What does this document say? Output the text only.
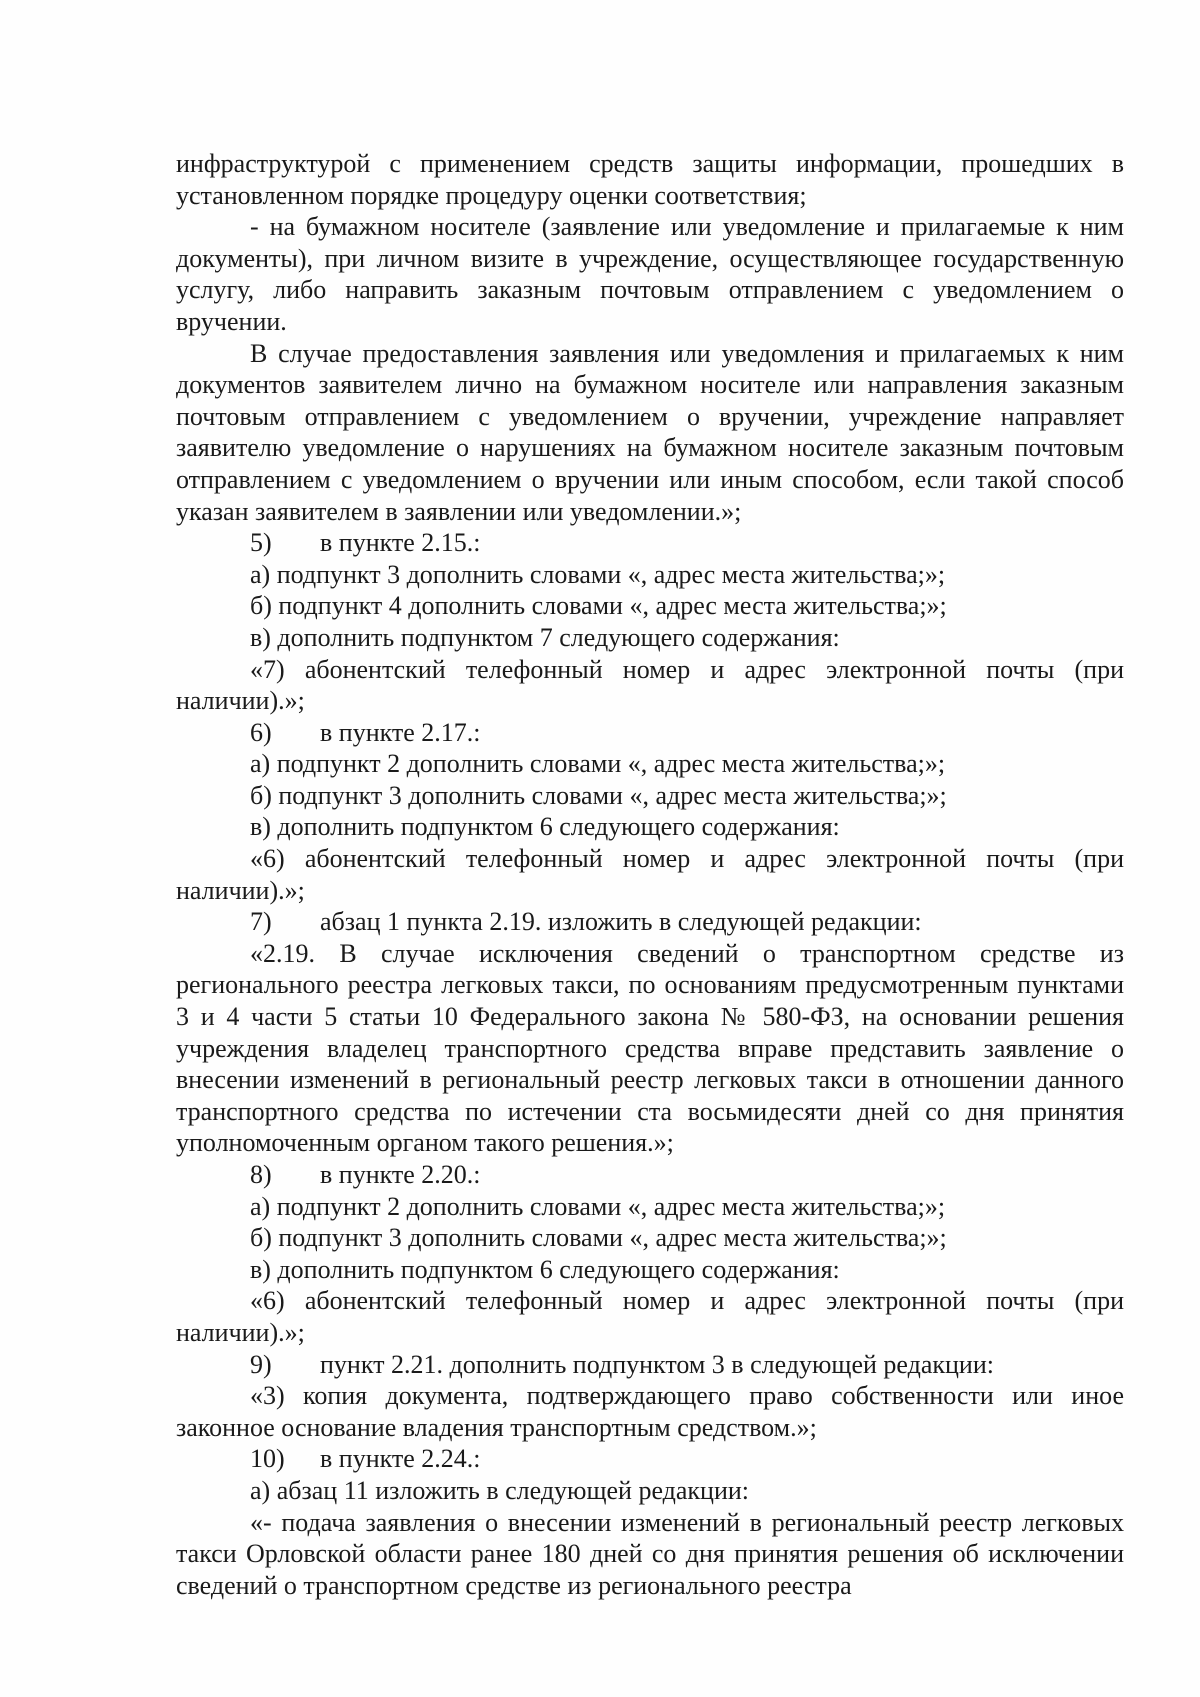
инфраструктурой с применением средств защиты информации, прошедших в установленном порядке процедуру оценки соответствия;

- на бумажном носителе (заявление или уведомление и прилагаемые к ним документы), при личном визите в учреждение, осуществляющее государственную услугу, либо направить заказным почтовым отправлением с уведомлением о вручении.

В случае предоставления заявления или уведомления и прилагаемых к ним документов заявителем лично на бумажном носителе или направления заказным почтовым отправлением с уведомлением о вручении, учреждение направляет заявителю уведомление о нарушениях на бумажном носителе заказным почтовым отправлением с уведомлением о вручении или иным способом, если такой способ указан заявителем в заявлении или уведомлении.»;

5) в пункте 2.15.:

а) подпункт 3 дополнить словами «, адрес места жительства;»;

б) подпункт 4 дополнить словами «, адрес места жительства;»;

в) дополнить подпунктом 7 следующего содержания:

«7) абонентский телефонный номер и адрес электронной почты (при наличии).»;

6) в пункте 2.17.:

а) подпункт 2 дополнить словами «, адрес места жительства;»;

б) подпункт 3 дополнить словами «, адрес места жительства;»;

в) дополнить подпунктом 6 следующего содержания:

«6) абонентский телефонный номер и адрес электронной почты (при наличии).»;

7) абзац 1 пункта 2.19. изложить в следующей редакции:

«2.19. В случае исключения сведений о транспортном средстве из регионального реестра легковых такси, по основаниям предусмотренным пунктами 3 и 4 части 5 статьи 10 Федерального закона № 580-ФЗ, на основании решения учреждения владелец транспортного средства вправе представить заявление о внесении изменений в региональный реестр легковых такси в отношении данного транспортного средства по истечении ста восьмидесяти дней со дня принятия уполномоченным органом такого решения.»;

8) в пункте 2.20.:

а) подпункт 2 дополнить словами «, адрес места жительства;»;

б) подпункт 3 дополнить словами «, адрес места жительства;»;

в) дополнить подпунктом 6 следующего содержания:

«6) абонентский телефонный номер и адрес электронной почты (при наличии).»;

9) пункт 2.21. дополнить подпунктом 3 в следующей редакции:

«3) копия документа, подтверждающего право собственности или иное законное основание владения транспортным средством.»;

10) в пункте 2.24.:

а) абзац 11 изложить в следующей редакции:

«- подача заявления о внесении изменений в региональный реестр легковых такси Орловской области ранее 180 дней со дня принятия решения об исключении сведений о транспортном средстве из регионального реестра
